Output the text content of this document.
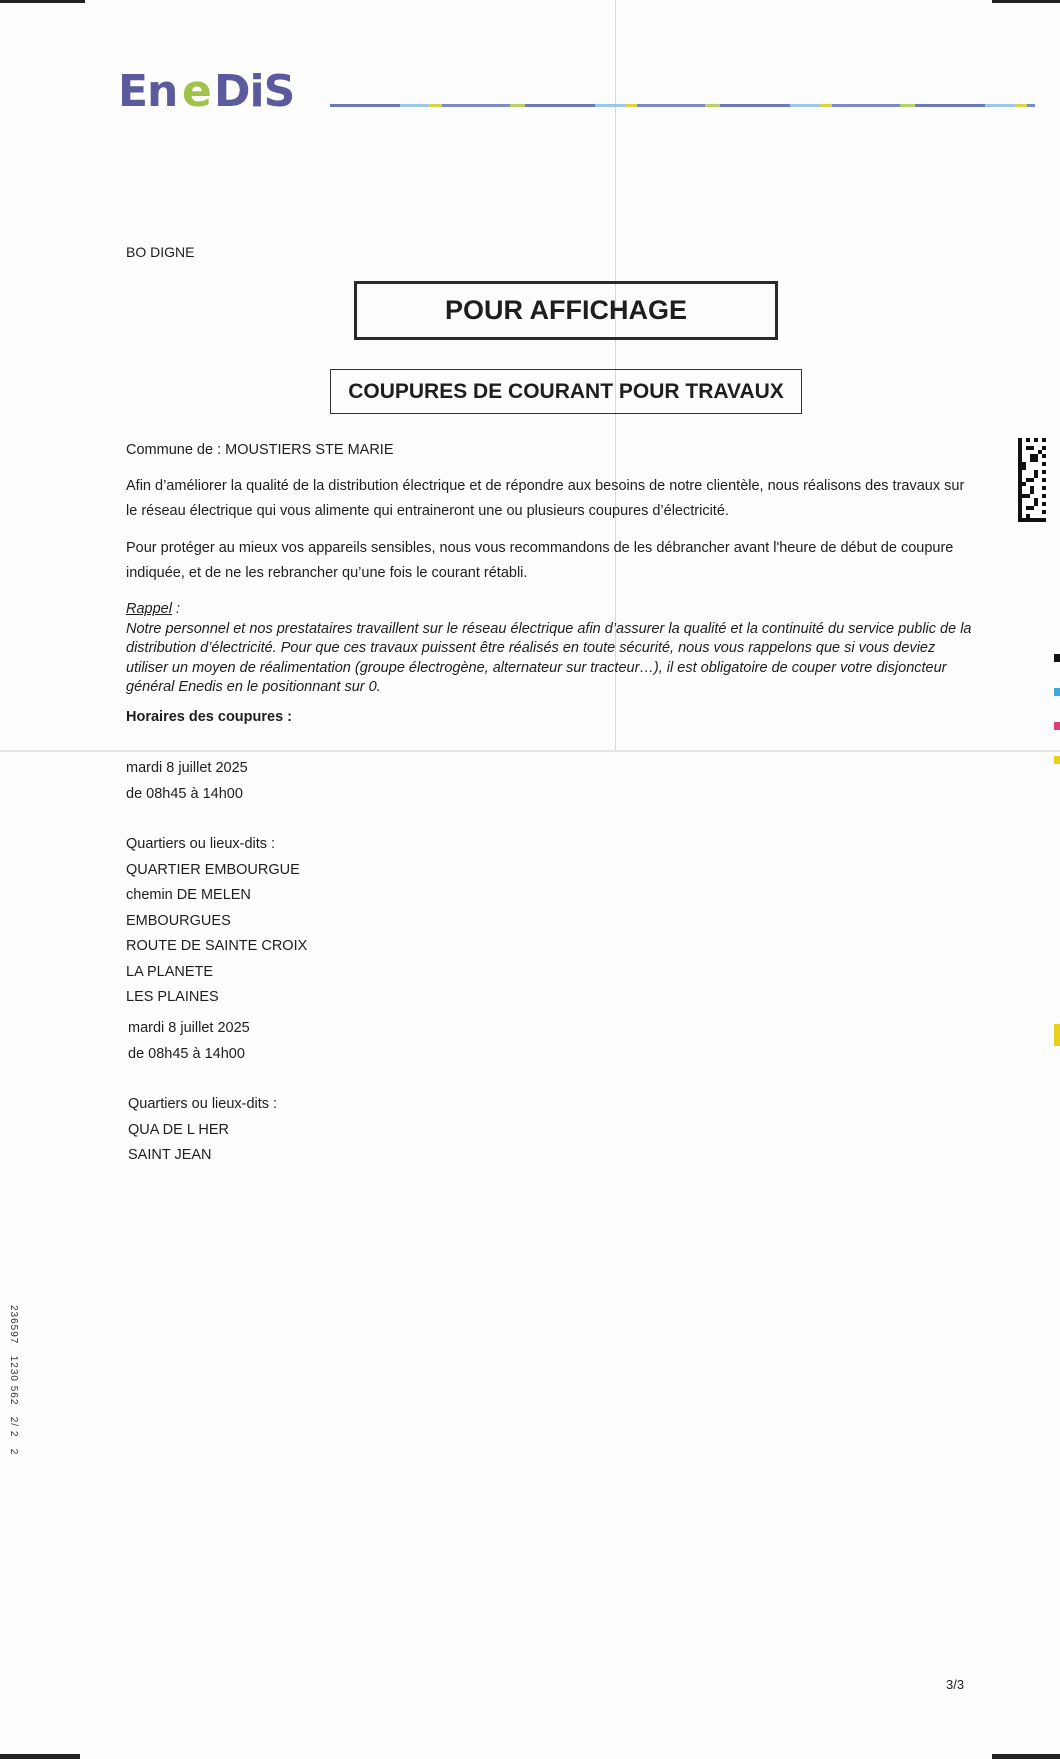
En e DiS
BO DIGNE
POUR AFFICHAGE
COUPURES DE COURANT POUR TRAVAUX
Commune de : MOUSTIERS STE MARIE
Afin d’améliorer la qualité de la distribution électrique et de répondre aux besoins de notre clientèle, nous réalisons des travaux sur le réseau électrique qui vous alimente qui entraineront une ou plusieurs coupures d’électricité.
Pour protéger au mieux vos appareils sensibles, nous vous recommandons de les débrancher avant l'heure de début de coupure indiquée, et de ne les rebrancher qu’une fois le courant rétabli.
Rappel :
Notre personnel et nos prestataires travaillent sur le réseau électrique afin d’assurer la qualité et la continuité du service public de la distribution d’électricité. Pour que ces travaux puissent être réalisés en toute sécurité, nous vous rappelons que si vous deviez utiliser un moyen de réalimentation (groupe électrogène, alternateur sur tracteur…), il est obligatoire de couper votre disjoncteur général Enedis en le positionnant sur 0.
Horaires des coupures :
mardi 8 juillet 2025
de 08h45 à 14h00
Quartiers ou lieux-dits :
QUARTIER EMBOURGUE
chemin DE MELEN
EMBOURGUES
ROUTE DE SAINTE CROIX
LA PLANETE
LES PLAINES
mardi 8 juillet 2025
de 08h45 à 14h00
Quartiers ou lieux-dits :
QUA DE L HER
SAINT JEAN
236597   1230 562   2/ 2   2
3/3
